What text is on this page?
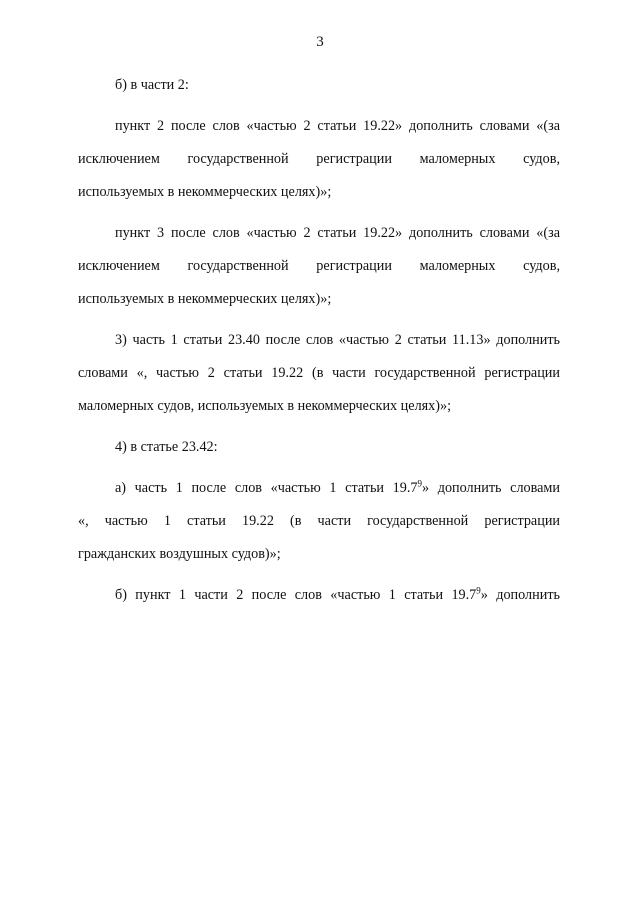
3

б) в части 2:

пункт 2 после слов «частью 2 статьи 19.22» дополнить словами «(за
исключением государственной регистрации маломерных судов,
используемых в некоммерческих целях)»;

пункт 3 после слов «частью 2 статьи 19.22» дополнить словами «(за
исключением государственной регистрации маломерных судов,
используемых в некоммерческих целях)»;

3) часть 1 статьи 23.40 после слов «частью 2 статьи 11.13» дополнить
словами «, частью 2 статьи 19.22 (в части государственной регистрации
маломерных судов, используемых в некоммерческих целях)»;

4) в статье 23.42:

а) часть 1 после слов «частью 1 статьи 19.7$^9$» дополнить словами
«, частью 1 статьи 19.22 (в части государственной регистрации
гражданских воздушных судов)»;

б) пункт 1 части 2 после слов «частью 1 статьи 19.7$^9$» дополнить
